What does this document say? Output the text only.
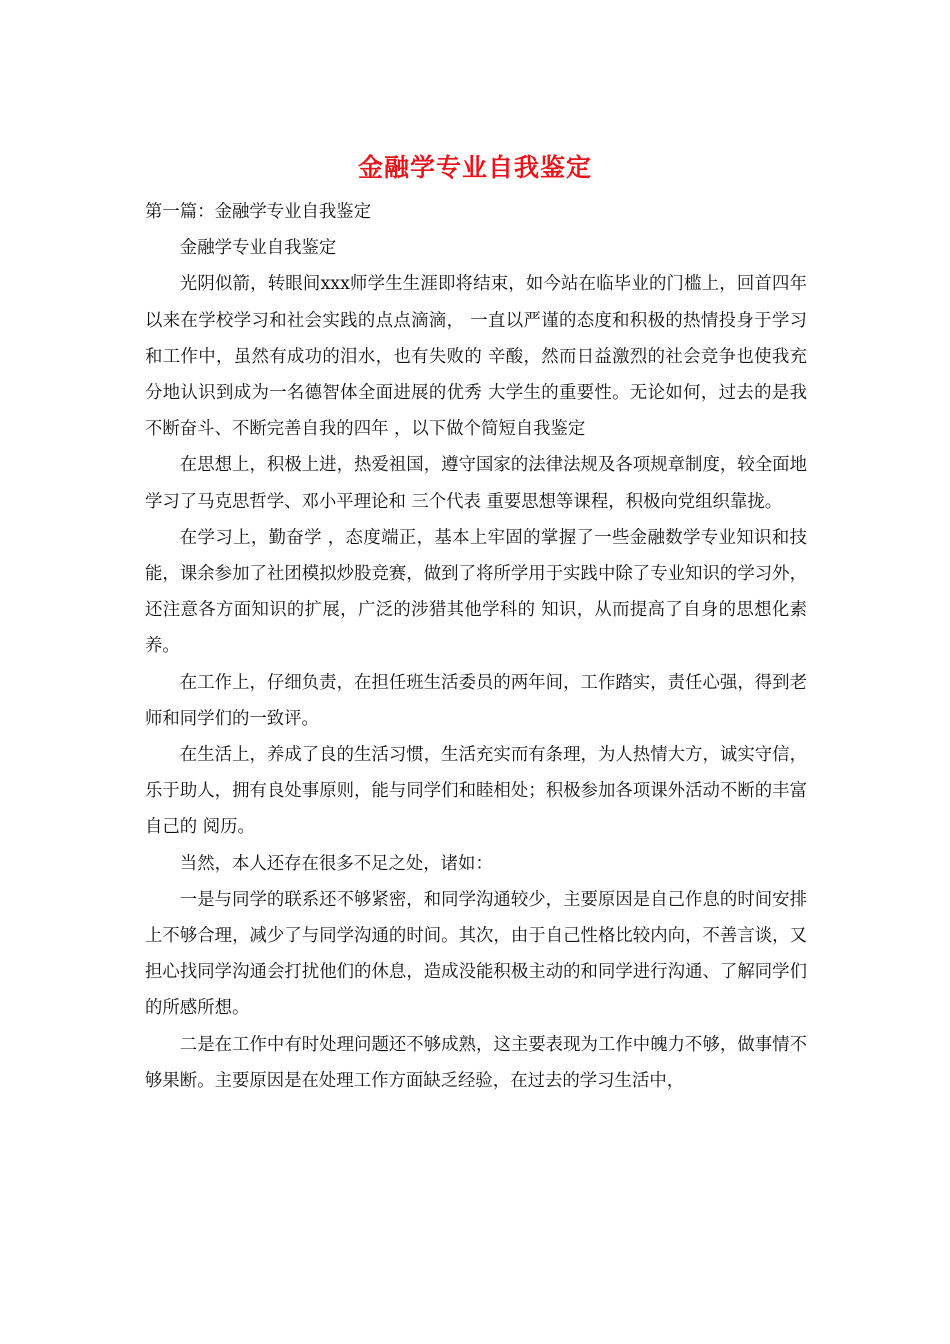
金融学专业自我鉴定

第一篇：金融学专业自我鉴定

金融学专业自我鉴定

光阴似箭，转眼间xxx师学生生涯即将结束，如今站在临毕业的门槛上，回首四年以来在学校学习和社会实践的点点滴滴， 一直以严谨的态度和积极的热情投身于学习和工作中，虽然有成功的泪水，也有失败的 辛酸，然而日益激烈的社会竞争也使我充分地认识到成为一名德智体全面进展的优秀 大学生的重要性。无论如何，过去的是我不断奋斗、不断完善自我的四年 ，以下做个简短自我鉴定

在思想上，积极上进，热爱祖国，遵守国家的法律法规及各项规章制度，较全面地学习了马克思哲学、邓小平理论和 三个代表 重要思想等课程，积极向党组织靠拢。

在学习上，勤奋学 ，态度端正，基本上牢固的掌握了一些金融数学专业知识和技能，课余参加了社团模拟炒股竞赛，做到了将所学用于实践中除了专业知识的学习外，还注意各方面知识的扩展，广泛的涉猎其他学科的 知识，从而提高了自身的思想化素养。

在工作上，仔细负责，在担任班生活委员的两年间，工作踏实，责任心强，得到老师和同学们的一致评。

在生活上，养成了良的生活习惯，生活充实而有条理，为人热情大方，诚实守信，乐于助人，拥有良处事原则，能与同学们和睦相处；积极参加各项课外活动不断的丰富自己的 阅历。

当然，本人还存在很多不足之处，诸如：

一是与同学的联系还不够紧密，和同学沟通较少，主要原因是自己作息的时间安排上不够合理，减少了与同学沟通的时间。其次，由于自己性格比较内向，不善言谈，又担心找同学沟通会打扰他们的休息，造成没能积极主动的和同学进行沟通、了解同学们的所感所想。

二是在工作中有时处理问题还不够成熟，这主要表现为工作中魄力不够，做事情不够果断。主要原因是在处理工作方面缺乏经验，在过去的学习生活中，
